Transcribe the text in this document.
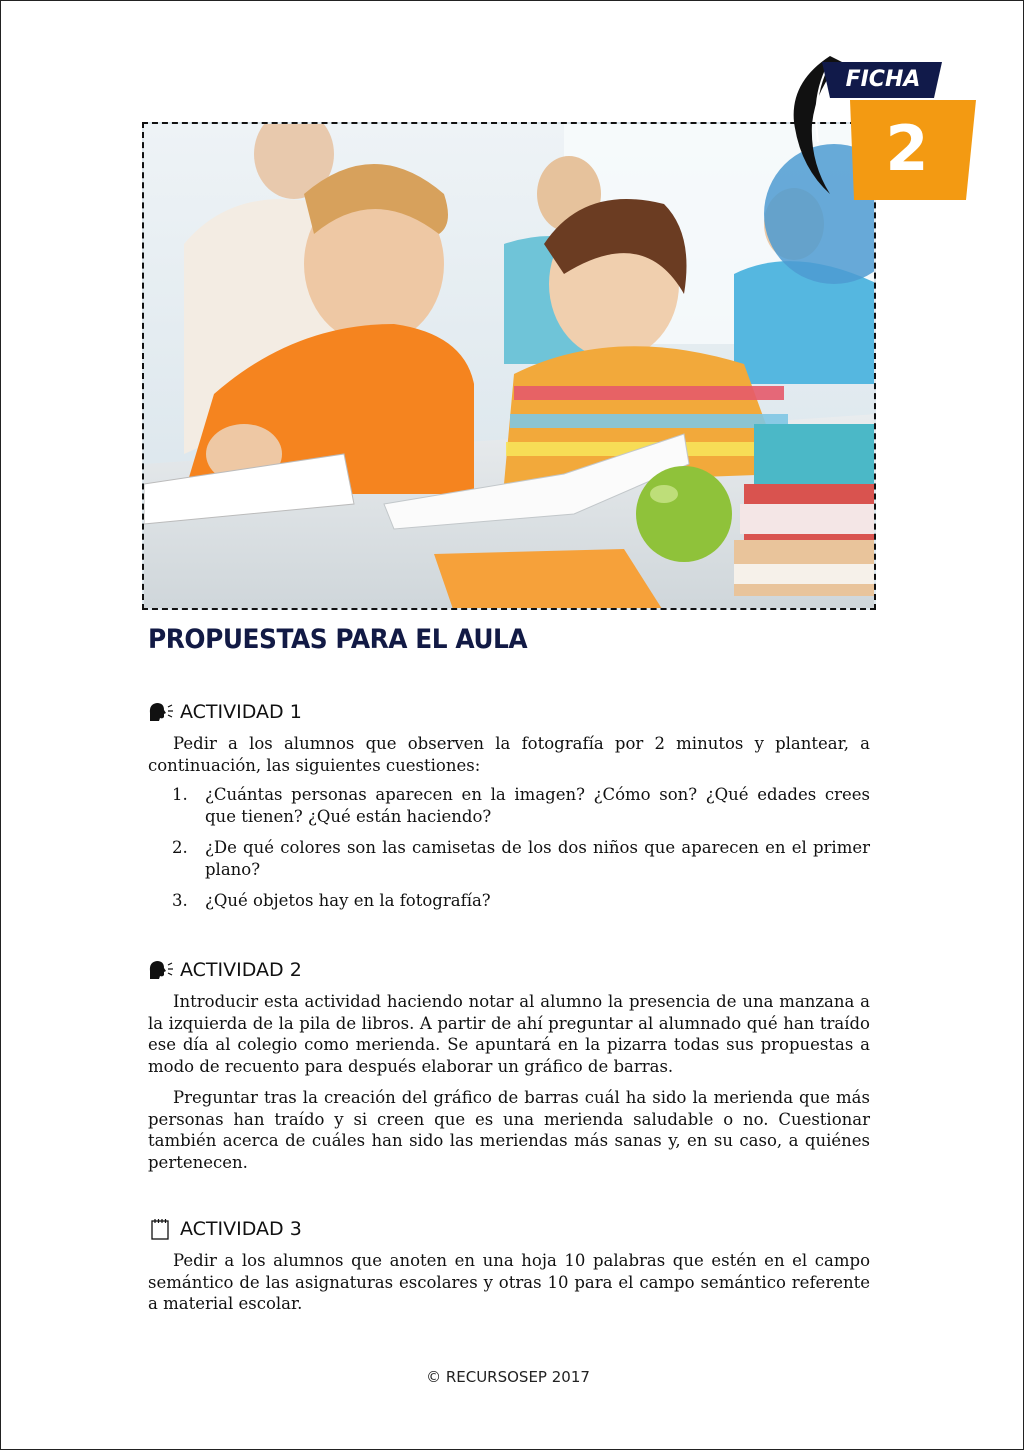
FICHA
2
PROPUESTAS PARA EL AULA
ACTIVIDAD 1

Pedir a los alumnos que observen la fotografía por 2 minutos y plantear, a continuación, las siguientes cuestiones:

1. ¿Cuántas personas aparecen en la imagen? ¿Cómo son? ¿Qué edades crees que tienen? ¿Qué están haciendo?
2. ¿De qué colores son las camisetas de los dos niños que aparecen en el primer plano?
3. ¿Qué objetos hay en la fotografía?
ACTIVIDAD 2

Introducir esta actividad haciendo notar al alumno la presencia de una manzana a la izquierda de la pila de libros. A partir de ahí preguntar al alumnado qué han traído ese día al colegio como merienda. Se apuntará en la pizarra todas sus propuestas a modo de recuento para después elaborar un gráfico de barras.

Preguntar tras la creación del gráfico de barras cuál ha sido la merienda que más personas han traído y si creen que es una merienda saludable o no. Cuestionar también acerca de cuáles han sido las meriendas más sanas y, en su caso, a quiénes pertenecen.

ACTIVIDAD 3

Pedir a los alumnos que anoten en una hoja 10 palabras que estén en el campo semántico de las asignaturas escolares y otras 10 para el campo semántico referente a material escolar.

© RECURSOSEP 2017
